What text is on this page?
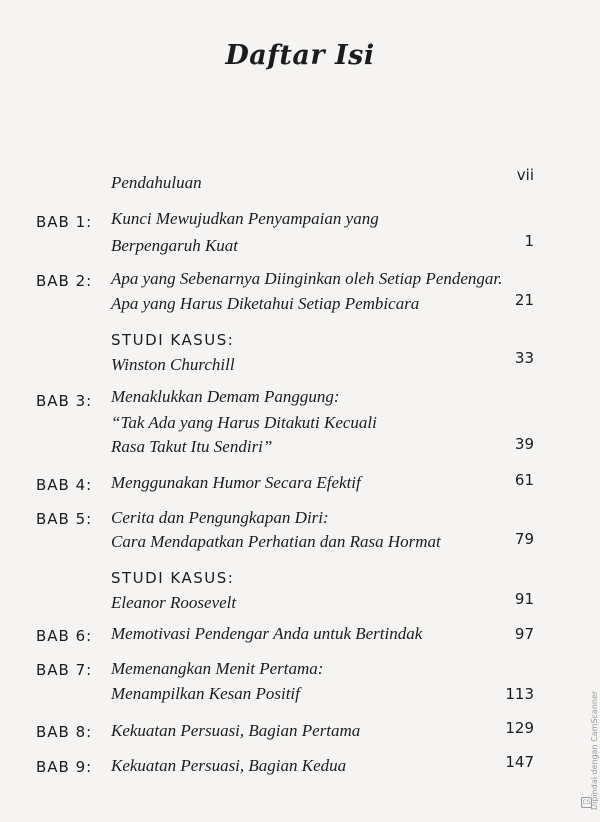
Daftar Isi
Pendahuluan	vii
BAB 1: Kunci Mewujudkan Penyampaian yang
Berpengaruh Kuat	1
BAB 2: Apa yang Sebenarnya Diinginkan oleh Setiap Pendengar.
Apa yang Harus Diketahui Setiap Pembicara	21
STUDI KASUS:
Winston Churchill	33
BAB 3: Menaklukkan Demam Panggung:
“Tak Ada yang Harus Ditakuti Kecuali
Rasa Takut Itu Sendiri”	39
BAB 4: Menggunakan Humor Secara Efektif	61
BAB 5: Cerita dan Pengungkapan Diri:
Cara Mendapatkan Perhatian dan Rasa Hormat	79
STUDI KASUS:
Eleanor Roosevelt	91
BAB 6: Memotivasi Pendengar Anda untuk Bertindak	97
BAB 7: Memenangkan Menit Pertama:
Menampilkan Kesan Positif	113
BAB 8: Kekuatan Persuasi, Bagian Pertama	129
BAB 9: Kekuatan Persuasi, Bagian Kedua	147	Dipindai dengan CamScanner
CS
